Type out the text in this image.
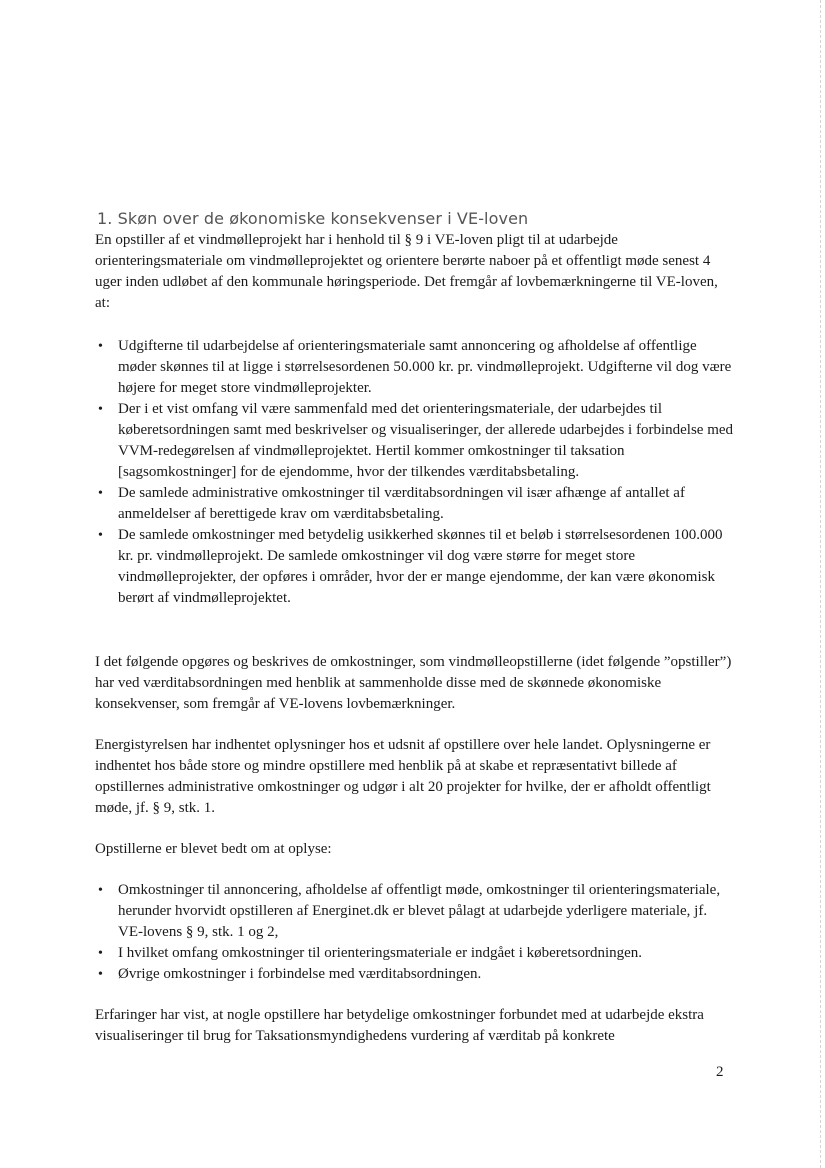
1. Skøn over de økonomiske konsekvenser i VE-loven

En opstiller af et vindmølleprojekt har i henhold til § 9 i VE-loven pligt til at udarbejde orienteringsmateriale om vindmølleprojektet og orientere berørte naboer på et offentligt møde senest 4 uger inden udløbet af den kommunale høringsperiode. Det fremgår af lovbemærkningerne til VE-loven, at:

• Udgifterne til udarbejdelse af orienteringsmateriale samt annoncering og afholdelse af offentlige møder skønnes til at ligge i størrelsesordenen 50.000 kr. pr. vindmølleprojekt. Udgifterne vil dog være højere for meget store vindmølleprojekter.
• Der i et vist omfang vil være sammenfald med det orienteringsmateriale, der udarbejdes til køberetsordningen samt med beskrivelser og visualiseringer, der allerede udarbejdes i forbindelse med VVM-redegørelsen af vindmølleprojektet. Hertil kommer omkostninger til taksation [sagsomkostninger] for de ejendomme, hvor der tilkendes værditabsbetaling.
• De samlede administrative omkostninger til værditabsordningen vil især afhænge af antallet af anmeldelser af berettigede krav om værditabsbetaling.
• De samlede omkostninger med betydelig usikkerhed skønnes til et beløb i størrelsesordenen 100.000 kr. pr. vindmølleprojekt. De samlede omkostninger vil dog være større for meget store vindmølleprojekter, der opføres i områder, hvor der er mange ejendomme, der kan være økonomisk berørt af vindmølleprojektet.

I det følgende opgøres og beskrives de omkostninger, som vindmølleopstillerne (idet følgende ”opstiller”) har ved værditabsordningen med henblik at sammenholde disse med de skønnede økonomiske konsekvenser, som fremgår af VE-lovens lovbemærkninger.

Energistyrelsen har indhentet oplysninger hos et udsnit af opstillere over hele landet. Oplysningerne er indhentet hos både store og mindre opstillere med henblik på at skabe et repræsentativt billede af opstillernes administrative omkostninger og udgør i alt 20 projekter for hvilke, der er afholdt offentligt møde, jf. § 9, stk. 1.

Opstillerne er blevet bedt om at oplyse:

• Omkostninger til annoncering, afholdelse af offentligt møde, omkostninger til orienteringsmateriale, herunder hvorvidt opstilleren af Energinet.dk er blevet pålagt at udarbejde yderligere materiale, jf. VE-lovens § 9, stk. 1 og 2,
• I hvilket omfang omkostninger til orienteringsmateriale er indgået i køberetsordningen.
• Øvrige omkostninger i forbindelse med værditabsordningen.

Erfaringer har vist, at nogle opstillere har betydelige omkostninger forbundet med at udarbejde ekstra visualiseringer til brug for Taksationsmyndighedens vurdering af værditab på konkrete

2
